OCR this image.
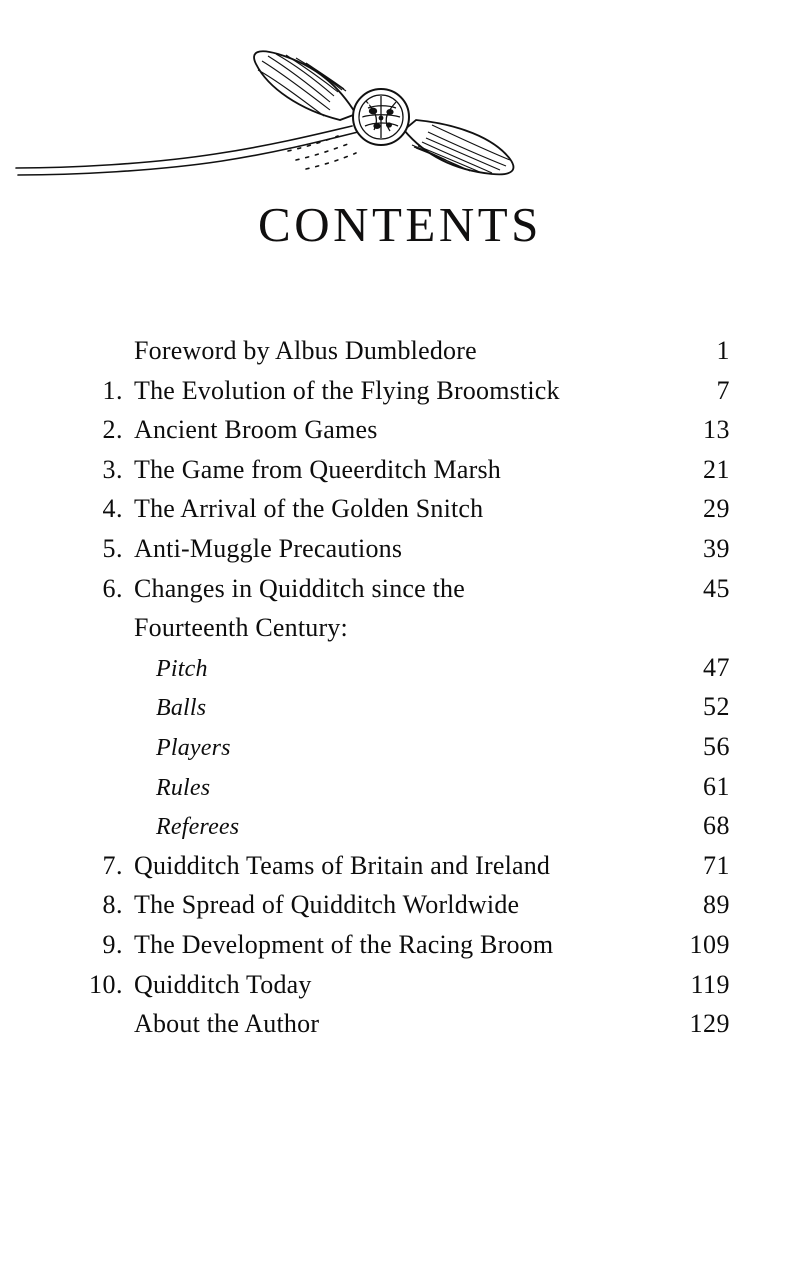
CONTENTS
Foreword by Albus Dumbledore	1
1. The Evolution of the Flying Broomstick	7
2. Ancient Broom Games	13
3. The Game from Queerditch Marsh	21
4. The Arrival of the Golden Snitch	29
5. Anti-Muggle Precautions	39
6. Changes in Quidditch since the	45
Fourteenth Century:
Pitch	47
Balls	52
Players	56
Rules	61
Referees	68
7. Quidditch Teams of Britain and Ireland	71
8. The Spread of Quidditch Worldwide	89
9. The Development of the Racing Broom	109
10. Quidditch Today	119
About the Author	129
